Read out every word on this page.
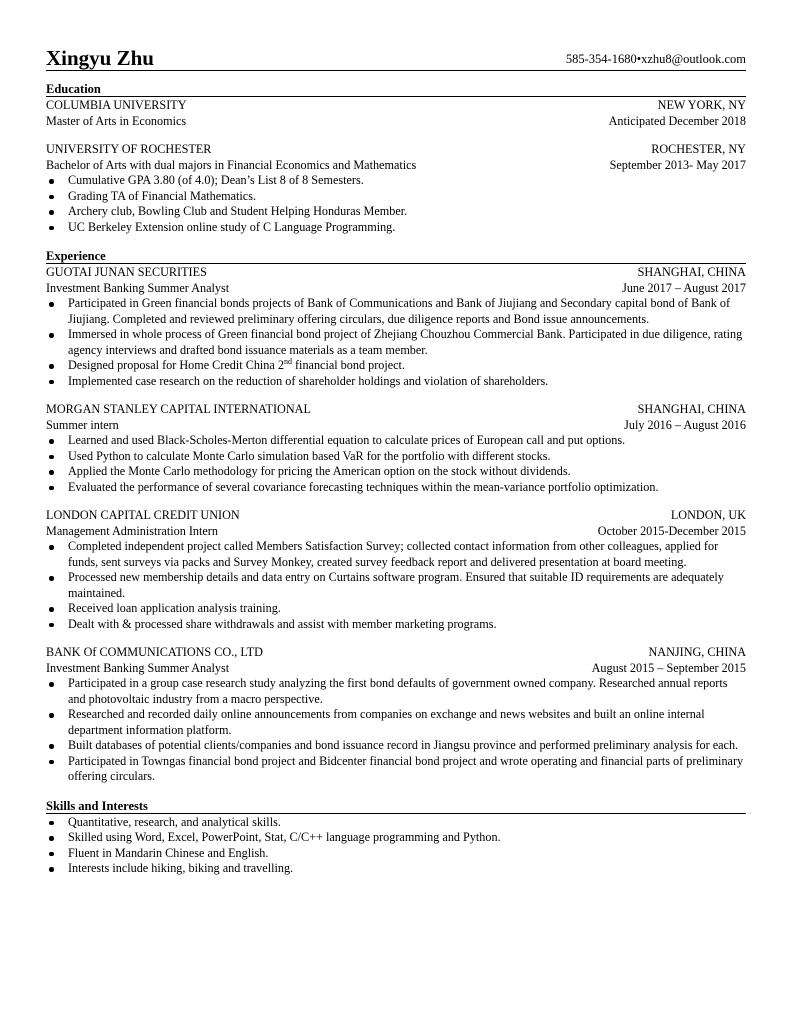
Xingyu Zhu	585-354-1680•xzhu8@outlook.com
Education
COLUMBIA UNIVERSITY	NEW YORK, NY
Master of Arts in Economics	Anticipated December 2018
UNIVERSITY OF ROCHESTER	ROCHESTER, NY
Bachelor of Arts with dual majors in Financial Economics and Mathematics	September 2013- May 2017
Cumulative GPA 3.80 (of 4.0); Dean’s List 8 of 8 Semesters.
Grading TA of Financial Mathematics.
Archery club, Bowling Club and Student Helping Honduras Member.
UC Berkeley Extension online study of C Language Programming.
Experience
GUOTAI JUNAN SECURITIES	SHANGHAI, CHINA
Investment Banking Summer Analyst	June 2017 – August 2017
Participated in Green financial bonds projects of Bank of Communications and Bank of Jiujiang and Secondary capital bond of Bank of Jiujiang. Completed and reviewed preliminary offering circulars, due diligence reports and Bond issue announcements.
Immersed in whole process of Green financial bond project of Zhejiang Chouzhou Commercial Bank. Participated in due diligence, rating agency interviews and drafted bond issuance materials as a team member.
Designed proposal for Home Credit China 2nd financial bond project.
Implemented case research on the reduction of shareholder holdings and violation of shareholders.
MORGAN STANLEY CAPITAL INTERNATIONAL	SHANGHAI, CHINA
Summer intern	July 2016 – August 2016
Learned and used Black-Scholes-Merton differential equation to calculate prices of European call and put options.
Used Python to calculate Monte Carlo simulation based VaR for the portfolio with different stocks.
Applied the Monte Carlo methodology for pricing the American option on the stock without dividends.
Evaluated the performance of several covariance forecasting techniques within the mean-variance portfolio optimization.
LONDON CAPITAL CREDIT UNION	LONDON, UK
Management Administration Intern	October 2015-December 2015
Completed independent project called Members Satisfaction Survey; collected contact information from other colleagues, applied for funds, sent surveys via packs and Survey Monkey, created survey feedback report and delivered presentation at board meeting.
Processed new membership details and data entry on Curtains software program. Ensured that suitable ID requirements are adequately maintained.
Received loan application analysis training.
Dealt with & processed share withdrawals and assist with member marketing programs.
BANK Of COMMUNICATIONS CO., LTD	NANJING, CHINA
Investment Banking Summer Analyst	August 2015 – September 2015
Participated in a group case research study analyzing the first bond defaults of government owned company. Researched annual reports and photovoltaic industry from a macro perspective.
Researched and recorded daily online announcements from companies on exchange and news websites and built an online internal department information platform.
Built databases of potential clients/companies and bond issuance record in Jiangsu province and performed preliminary analysis for each.
Participated in Towngas financial bond project and Bidcenter financial bond project and wrote operating and financial parts of preliminary offering circulars.
Skills and Interests
Quantitative, research, and analytical skills.
Skilled using Word, Excel, PowerPoint, Stat, C/C++ language programming and Python.
Fluent in Mandarin Chinese and English.
Interests include hiking, biking and travelling.
